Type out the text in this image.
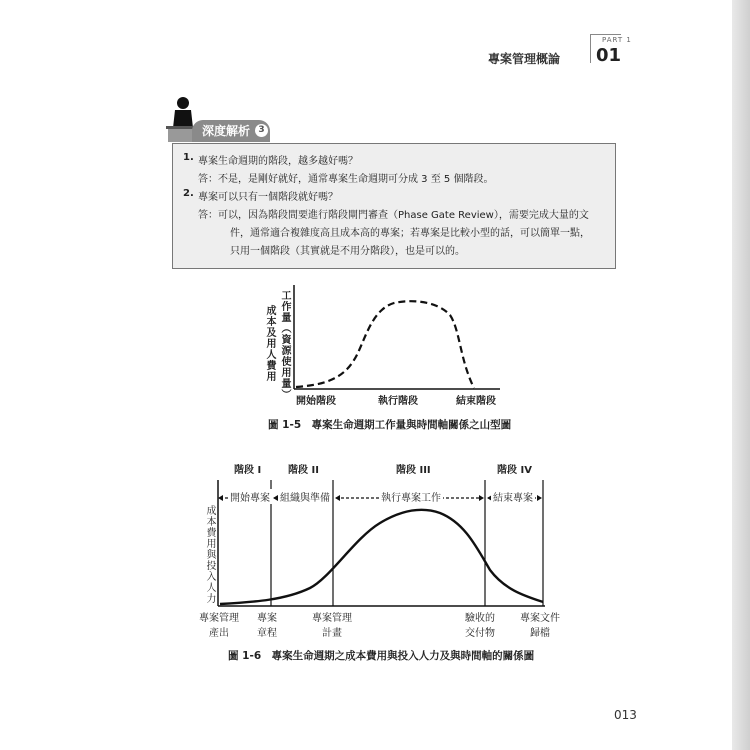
專案管理概論
PART 1
01
深度解析 3
1. 專案生命週期的階段，越多越好嗎？
答：不是，是剛好就好，通常專案生命週期可分成 3 至 5 個階段。
2. 專案可以只有一個階段就好嗎？
答：可以，因為階段間要進行階段閘門審查（Phase Gate Review），需要完成大量的文
件，通常適合複雜度高且成本高的專案；若專案是比較小型的話，可以簡單一點，
只用一個階段（其實就是不用分階段），也是可以的。
成本及用人費用 工作量（資源使用量）
開始階段	執行階段	結束階段
圖 1-5　專案生命週期工作量與時間軸關係之山型圖
階段 I	階段 II	階段 III	階段 IV
開始專案 組織與準備	執行專案工作	結束專案
成本費用與投入人力
專案管理
產出
專案
章程
專案管理
計畫
驗收的
交付物
專案文件
歸檔
圖 1-6　專案生命週期之成本費用與投入人力及與時間軸的關係圖
013
